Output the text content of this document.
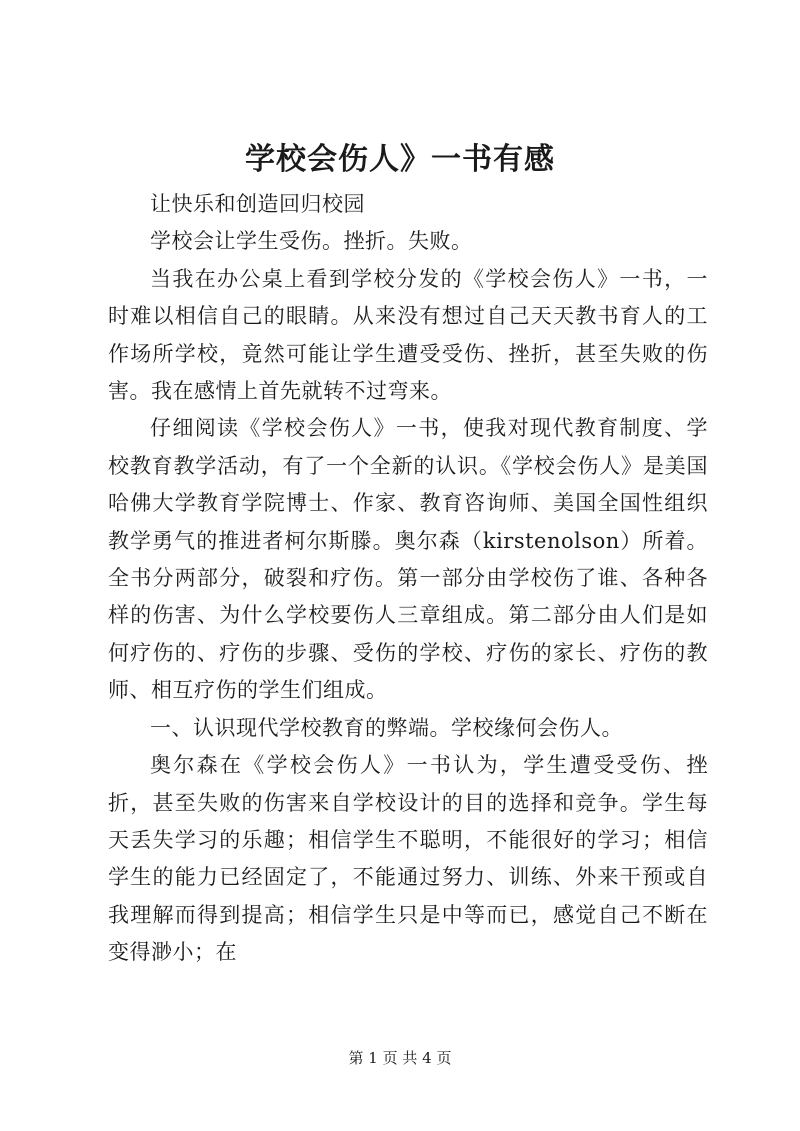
学校会伤人》一书有感

让快乐和创造回归校园

学校会让学生受伤。挫折。失败。

当我在办公桌上看到学校分发的《学校会伤人》一书，一时难以相信自己的眼睛。从来没有想过自己天天教书育人的工作场所学校，竟然可能让学生遭受受伤、挫折，甚至失败的伤害。我在感情上首先就转不过弯来。

仔细阅读《学校会伤人》一书，使我对现代教育制度、学校教育教学活动，有了一个全新的认识。《学校会伤人》是美国哈佛大学教育学院博士、作家、教育咨询师、美国全国性组织教学勇气的推进者柯尔斯滕。奥尔森（kirstenolson）所着。全书分两部分，破裂和疗伤。第一部分由学校伤了谁、各种各样的伤害、为什么学校要伤人三章组成。第二部分由人们是如何疗伤的、疗伤的步骤、受伤的学校、疗伤的家长、疗伤的教师、相互疗伤的学生们组成。

一、认识现代学校教育的弊端。学校缘何会伤人。

奥尔森在《学校会伤人》一书认为，学生遭受受伤、挫折，甚至失败的伤害来自学校设计的目的选择和竞争。学生每天丢失学习的乐趣；相信学生不聪明，不能很好的学习；相信学生的能力已经固定了，不能通过努力、训练、外来干预或自我理解而得到提高；相信学生只是中等而已，感觉自己不断在变得渺小；在

第 1 页 共 4 页
